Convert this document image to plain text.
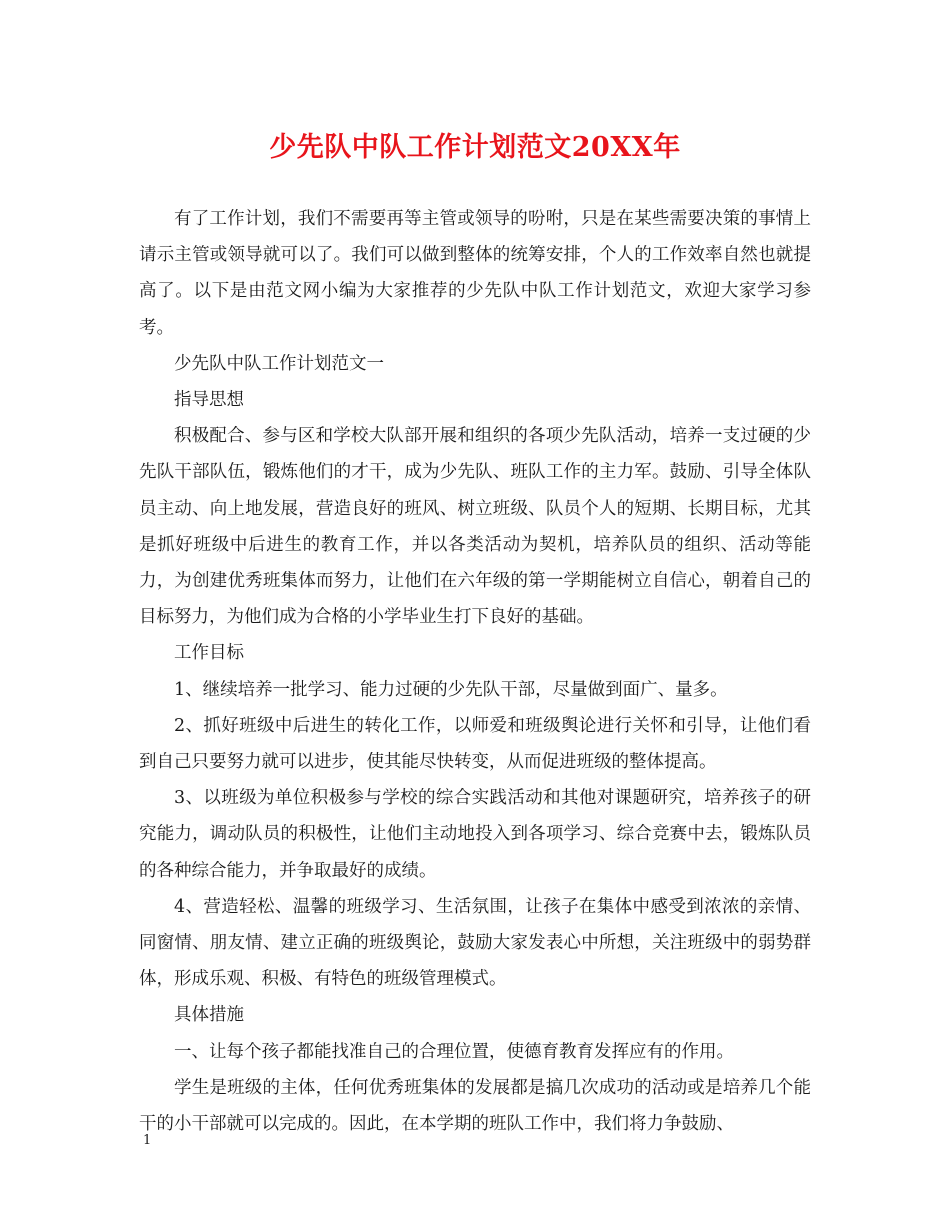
少先队中队工作计划范文20XX年

有了工作计划，我们不需要再等主管或领导的吩咐，只是在某些需要决策的事情上请示主管或领导就可以了。我们可以做到整体的统筹安排，个人的工作效率自然也就提高了。以下是由范文网小编为大家推荐的少先队中队工作计划范文，欢迎大家学习参考。

少先队中队工作计划范文一

指导思想

积极配合、参与区和学校大队部开展和组织的各项少先队活动，培养一支过硬的少先队干部队伍，锻炼他们的才干，成为少先队、班队工作的主力军。鼓励、引导全体队员主动、向上地发展，营造良好的班风、树立班级、队员个人的短期、长期目标，尤其是抓好班级中后进生的教育工作，并以各类活动为契机，培养队员的组织、活动等能力，为创建优秀班集体而努力，让他们在六年级的第一学期能树立自信心，朝着自己的目标努力，为他们成为合格的小学毕业生打下良好的基础。

工作目标

1、继续培养一批学习、能力过硬的少先队干部，尽量做到面广、量多。

2、抓好班级中后进生的转化工作，以师爱和班级舆论进行关怀和引导，让他们看到自己只要努力就可以进步，使其能尽快转变，从而促进班级的整体提高。

3、以班级为单位积极参与学校的综合实践活动和其他对课题研究，培养孩子的研究能力，调动队员的积极性，让他们主动地投入到各项学习、综合竞赛中去，锻炼队员的各种综合能力，并争取最好的成绩。

4、营造轻松、温馨的班级学习、生活氛围，让孩子在集体中感受到浓浓的亲情、同窗情、朋友情、建立正确的班级舆论，鼓励大家发表心中所想，关注班级中的弱势群体，形成乐观、积极、有特色的班级管理模式。

具体措施

一、让每个孩子都能找准自己的合理位置，使德育教育发挥应有的作用。

学生是班级的主体，任何优秀班集体的发展都是搞几次成功的活动或是培养几个能干的小干部就可以完成的。因此，在本学期的班队工作中，我们将力争鼓励、

1
